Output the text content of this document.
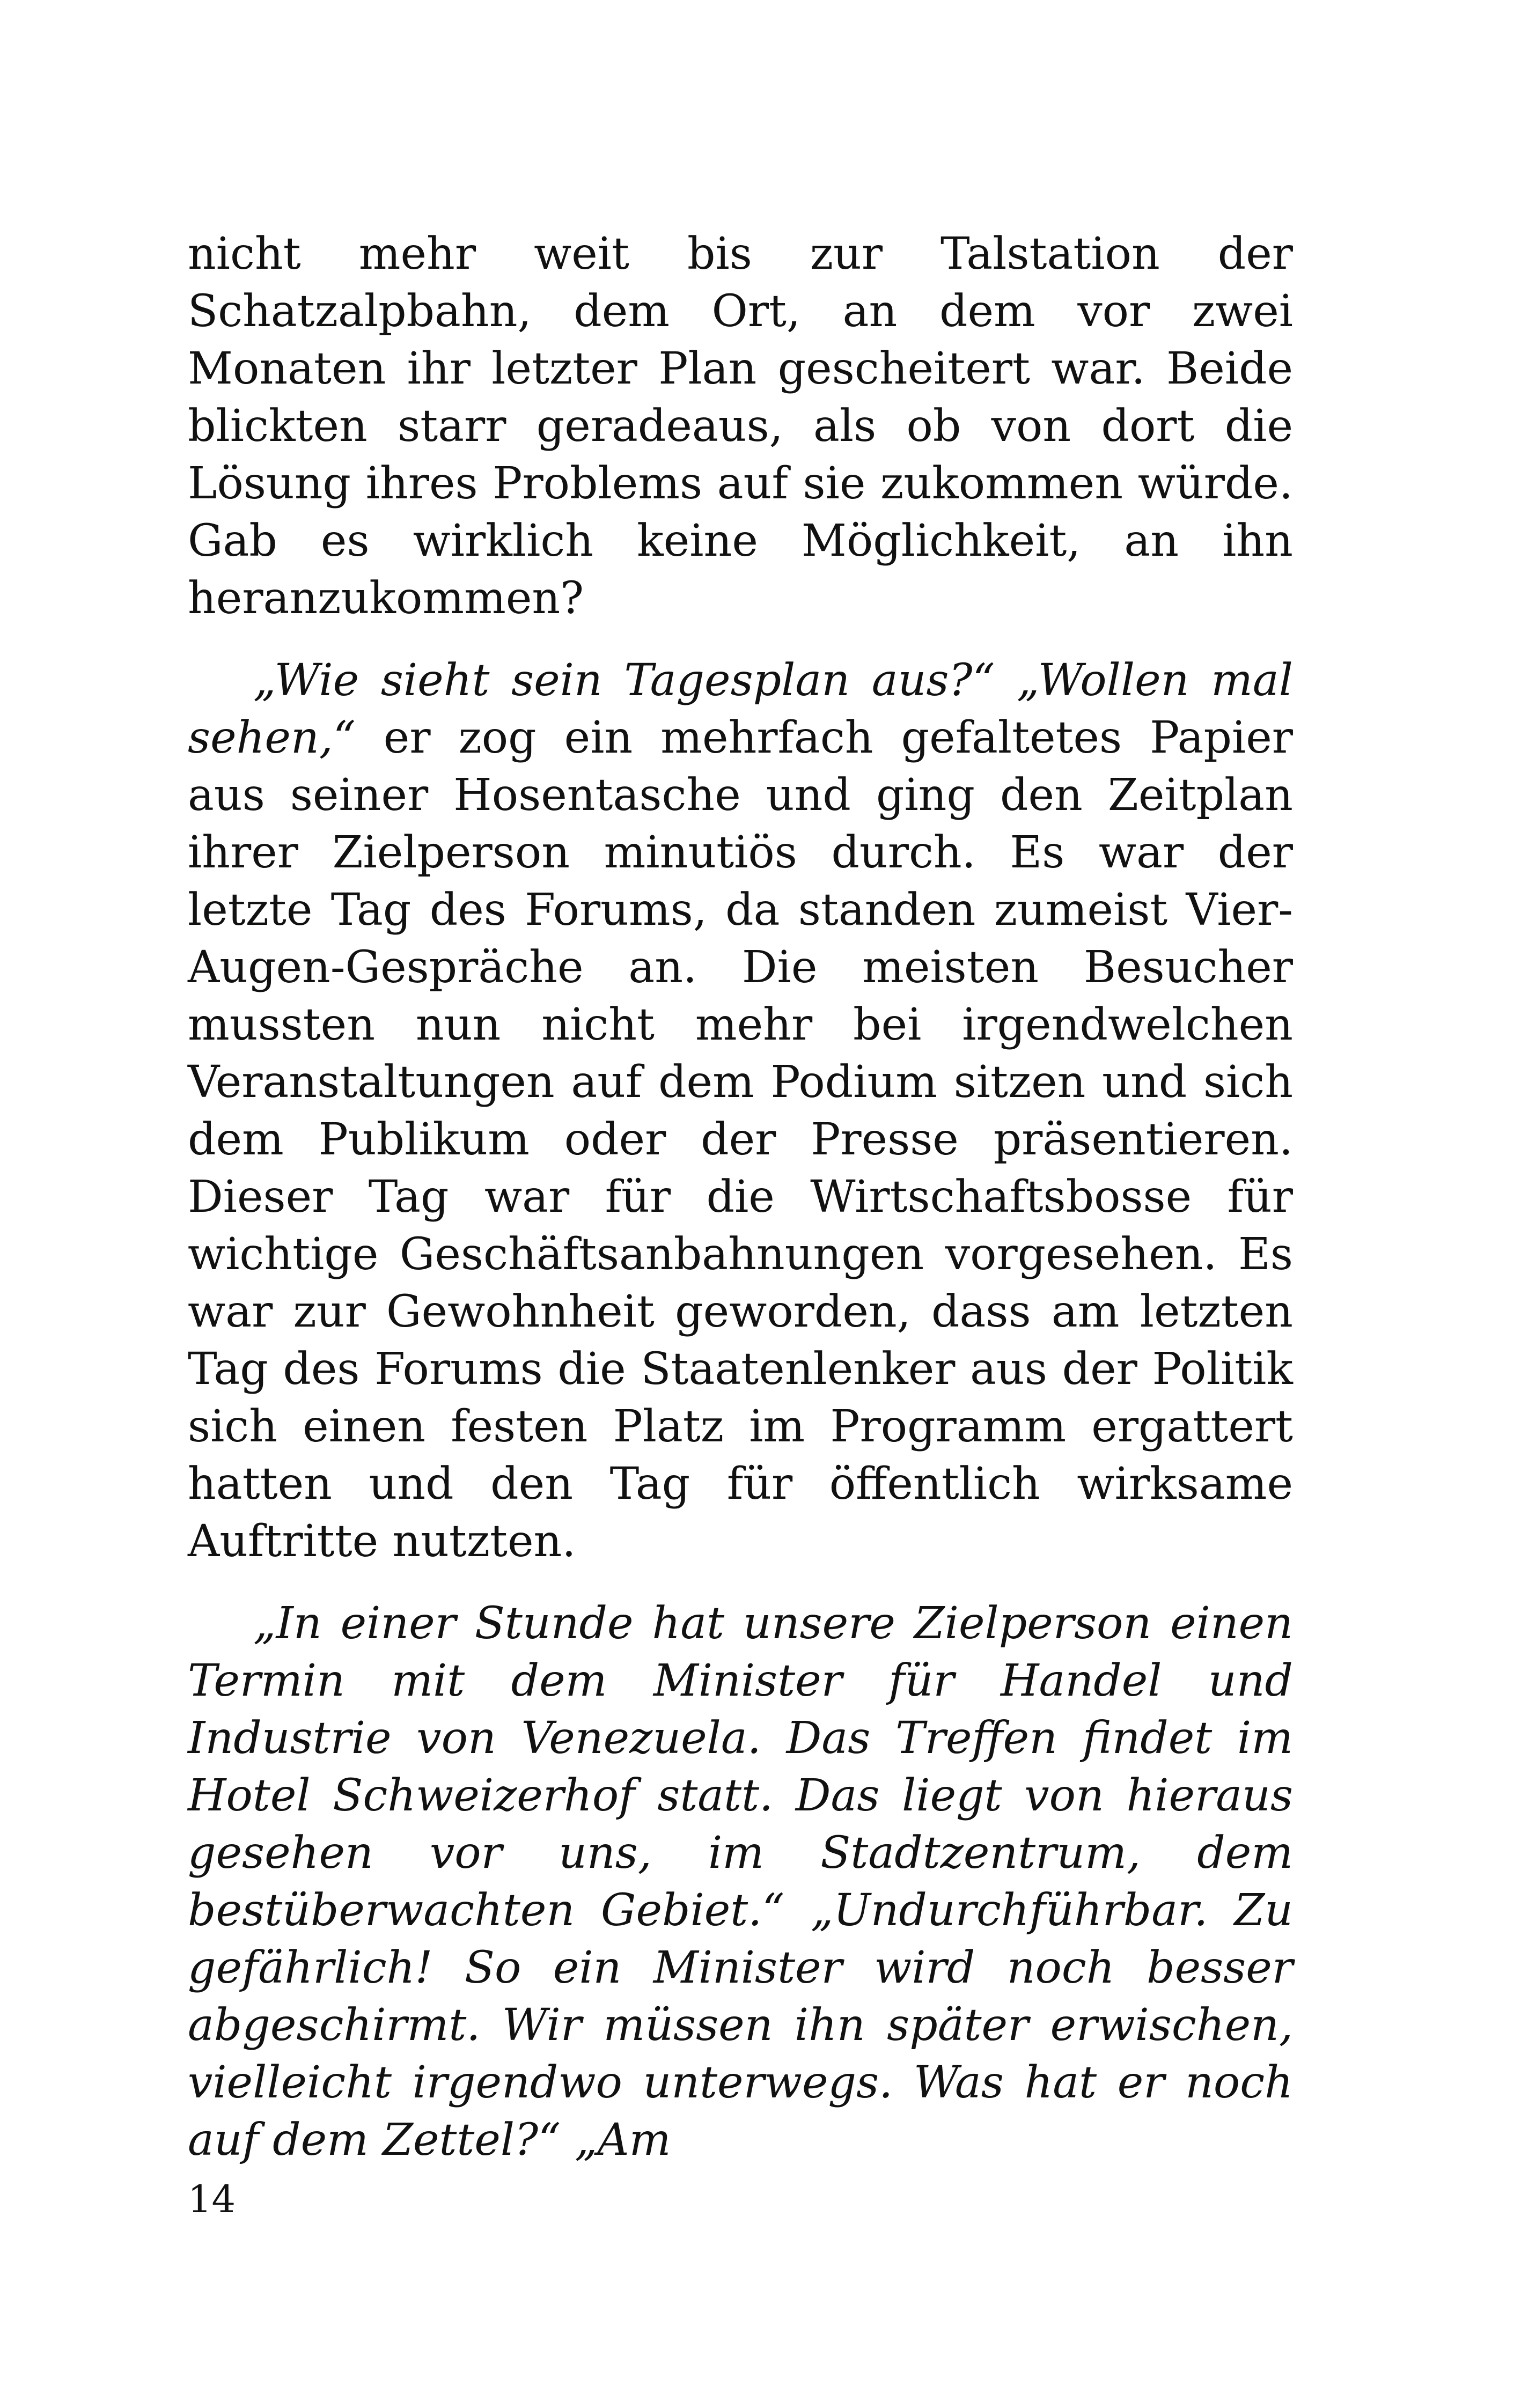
nicht mehr weit bis zur Talstation der Schatzalpbahn, dem Ort, an dem vor zwei Monaten ihr letzter Plan gescheitert war. Beide blickten starr geradeaus, als ob von dort die Lösung ihres Problems auf sie zukommen würde. Gab es wirklich keine Möglichkeit, an ihn heranzukommen?

„Wie sieht sein Tagesplan aus?“ „Wollen mal sehen,“ er zog ein mehrfach gefaltetes Papier aus seiner Hosentasche und ging den Zeitplan ihrer Zielperson minutiös durch. Es war der letzte Tag des Forums, da standen zumeist Vier-Augen-Gespräche an. Die meisten Besucher mussten nun nicht mehr bei irgendwelchen Veranstaltungen auf dem Podium sitzen und sich dem Publikum oder der Presse präsentieren. Dieser Tag war für die Wirtschaftsbosse für wichtige Geschäftsanbahnungen vorgesehen. Es war zur Gewohnheit geworden, dass am letzten Tag des Forums die Staatenlenker aus der Politik sich einen festen Platz im Programm ergattert hatten und den Tag für öffentlich wirksame Auftritte nutzten.

„In einer Stunde hat unsere Zielperson einen Termin mit dem Minister für Handel und Industrie von Venezuela. Das Treffen findet im Hotel Schweizerhof statt. Das liegt von hieraus gesehen vor uns, im Stadtzentrum, dem bestüberwachten Gebiet.“ „Undurchführbar. Zu gefährlich! So ein Minister wird noch besser abgeschirmt. Wir müssen ihn später erwischen, vielleicht irgendwo unterwegs. Was hat er noch auf dem Zettel?“ „Am

14
